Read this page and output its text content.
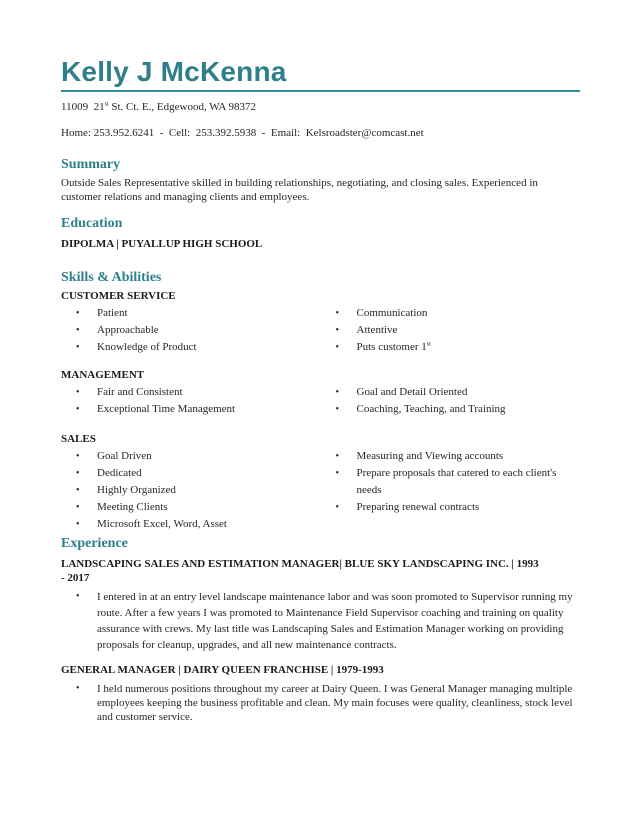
Kelly J McKenna
11009 21st St. Ct. E., Edgewood, WA 98372
Home: 253.952.6241  -  Cell:  253.392.5938  -  Email:  Kelsroadster@comcast.net
Summary
Outside Sales Representative skilled in building relationships, negotiating, and closing sales. Experienced in customer relations and managing clients and employees.
Education
DIPOLMA | PUYALLUP HIGH SCHOOL
Skills & Abilities
CUSTOMER SERVICE
• Patient
• Approachable
• Knowledge of Product
• Communication
• Attentive
• Puts customer 1st
MANAGEMENT
• Fair and Consistent
• Exceptional Time Management
• Goal and Detail Oriented
• Coaching, Teaching, and Training
SALES
• Goal Driven
• Dedicated
• Highly Organized
• Meeting Clients
• Microsoft Excel, Word, Asset
• Measuring and Viewing accounts
• Prepare proposals that catered to each client's needs
• Preparing renewal contracts
Experience
LANDSCAPING SALES AND ESTIMATION MANAGER| BLUE SKY LANDSCAPING INC. | 1993 - 2017
• I entered in at an entry level landscape maintenance labor and was soon promoted to Supervisor running my route. After a few years I was promoted to Maintenance Field Supervisor coaching and training on quality assurance with crews. My last title was Landscaping Sales and Estimation Manager working on providing proposals for cleanup, upgrades, and all new maintenance contracts.
GENERAL MANAGER | DAIRY QUEEN FRANCHISE | 1979-1993
• I held numerous positions throughout my career at Dairy Queen. I was General Manager managing multiple employees keeping the business profitable and clean. My main focuses were quality, cleanliness, stock level and customer service.
